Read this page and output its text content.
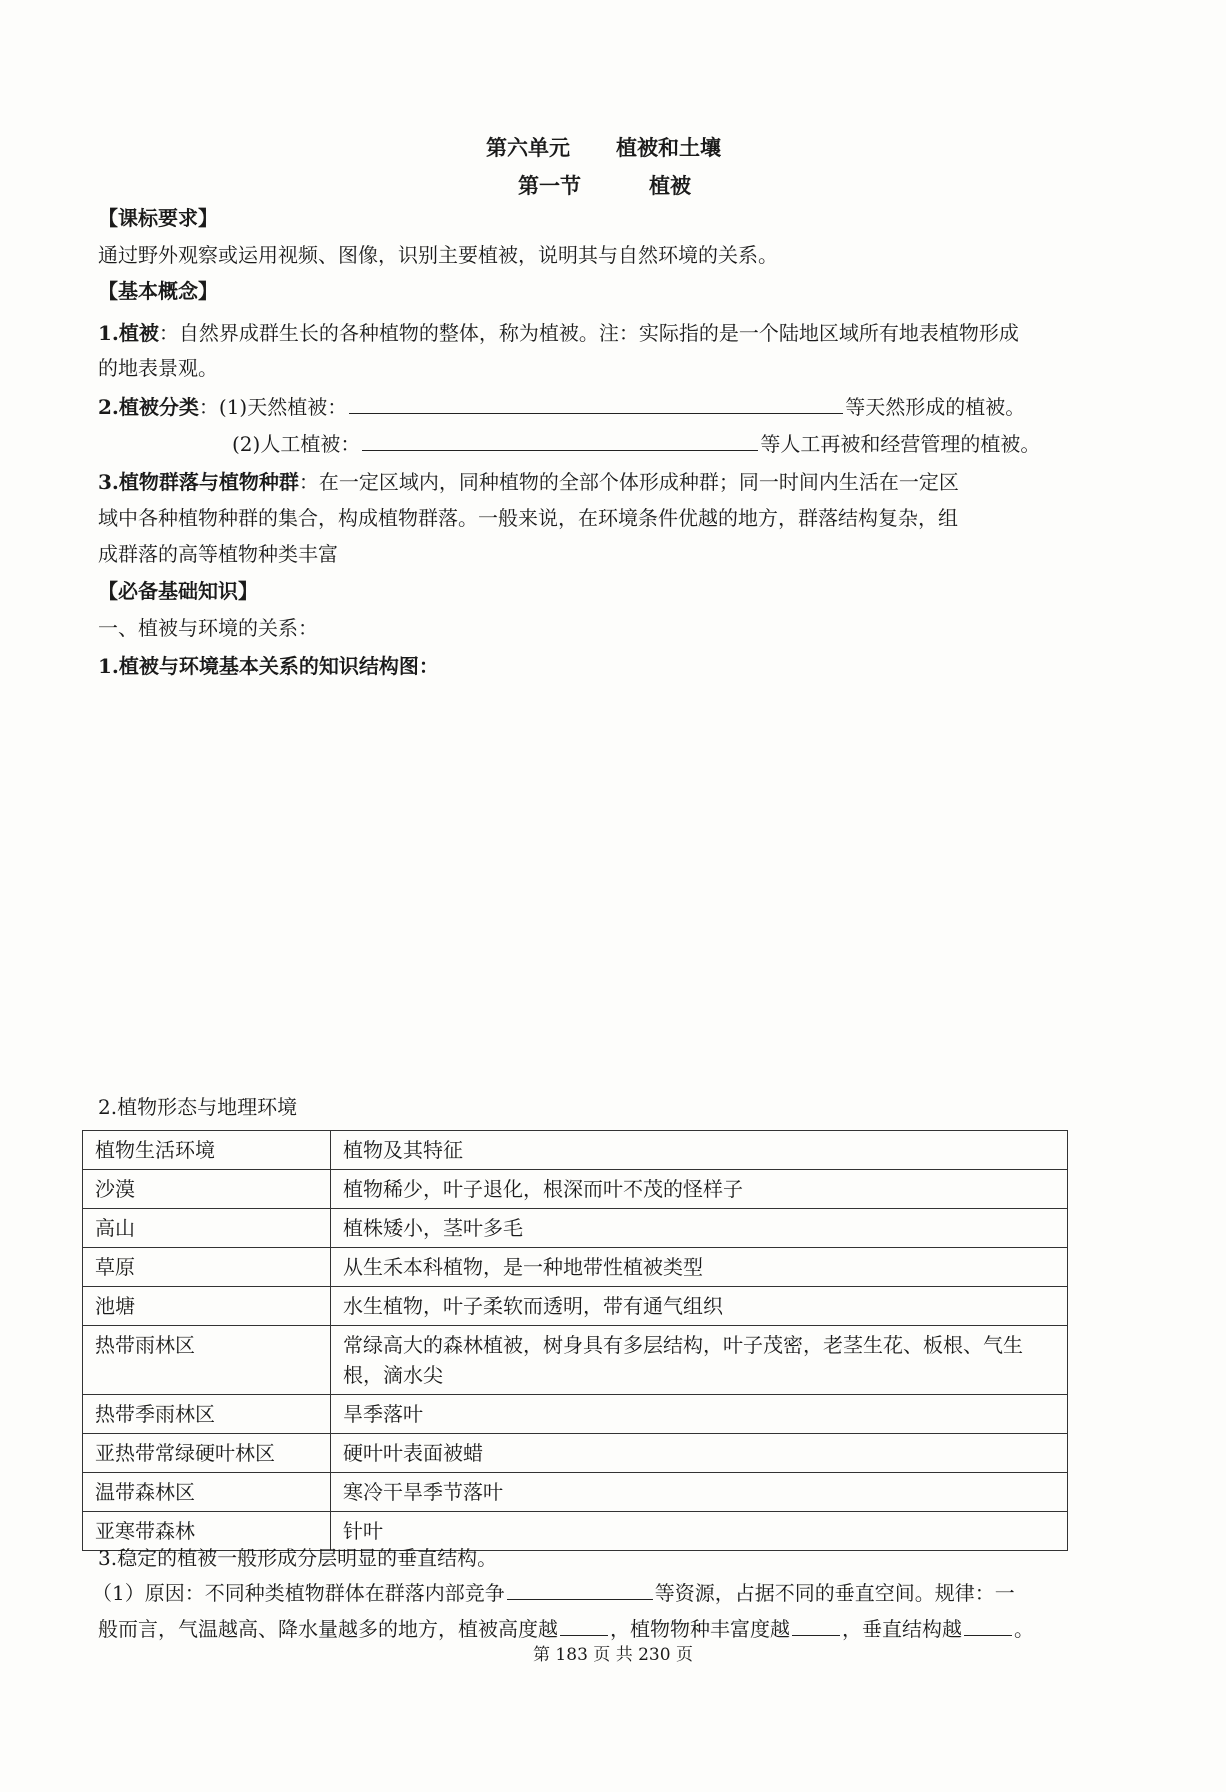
第六单元 植被和土壤
第一节	植被
【课标要求】
通过野外观察或运用视频、图像，识别主要植被，说明其与自然环境的关系。
【基本概念】
1.植被：自然界成群生长的各种植物的整体，称为植被。注：实际指的是一个陆地区域所有地表植物形成
的地表景观。
2.植被分类：(1)天然植被：	等天然形成的植被。
(2)人工植被：	等人工再被和经营管理的植被。
3.植物群落与植物种群：在一定区域内，同种植物的全部个体形成种群；同一时间内生活在一定区
域中各种植物种群的集合，构成植物群落。一般来说，在环境条件优越的地方，群落结构复杂，组
成群落的高等植物种类丰富
【必备基础知识】
一、植被与环境的关系：
1.植被与环境基本关系的知识结构图：
2.植物形态与地理环境
植物生活环境	植物及其特征
沙漠	植物稀少，叶子退化，根深而叶不茂的怪样子
高山	植株矮小，茎叶多毛
草原	从生禾本科植物，是一种地带性植被类型
池塘	水生植物，叶子柔软而透明，带有通气组织
热带雨林区	常绿高大的森林植被，树身具有多层结构，叶子茂密，老茎生花、板根、气生根，滴水尖
热带季雨林区	旱季落叶
亚热带常绿硬叶林区	硬叶叶表面被蜡
温带森林区	寒冷干旱季节落叶
亚寒带森林	针叶
3.稳定的植被一般形成分层明显的垂直结构。
（1）原因：不同种类植物群体在群落内部竞争	等资源，占据不同的垂直空间。规律：一
般而言，气温越高、降水量越多的地方，植被高度越	，植物物种丰富度越	，垂直结构越	。
第 183 页 共 230 页
